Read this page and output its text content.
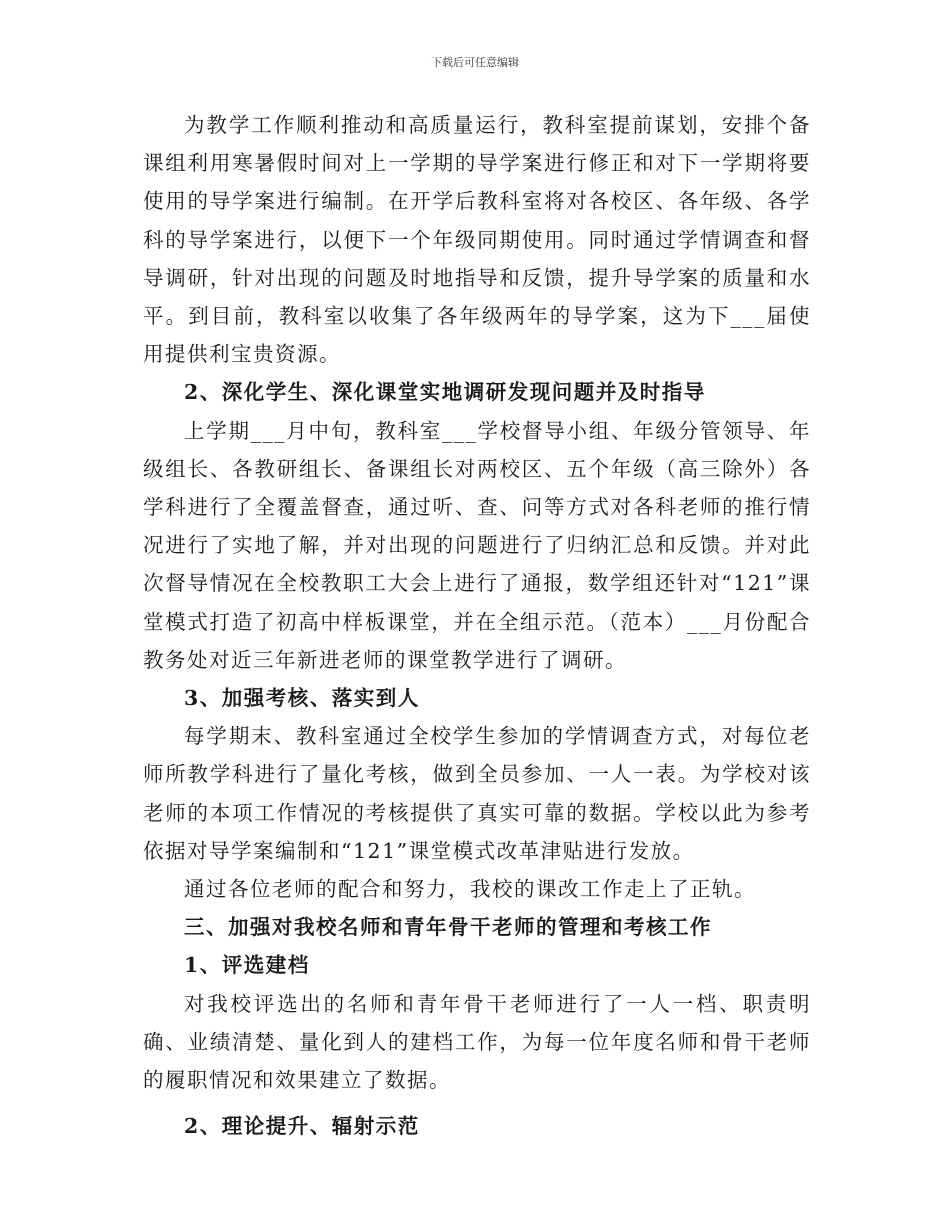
下载后可任意编辑

为教学工作顺利推动和高质量运行，教科室提前谋划，安排个备课组利用寒暑假时间对上一学期的导学案进行修正和对下一学期将要使用的导学案进行编制。在开学后教科室将对各校区、各年级、各学科的导学案进行，以便下一个年级同期使用。同时通过学情调查和督导调研，针对出现的问题及时地指导和反馈，提升导学案的质量和水平。到目前，教科室以收集了各年级两年的导学案，这为下___届使用提供利宝贵资源。

2、深化学生、深化课堂实地调研发现问题并及时指导

上学期___月中旬，教科室___学校督导小组、年级分管领导、年级组长、各教研组长、备课组长对两校区、五个年级（高三除外）各学科进行了全覆盖督查，通过听、查、问等方式对各科老师的推行情况进行了实地了解，并对出现的问题进行了归纳汇总和反馈。并对此次督导情况在全校教职工大会上进行了通报，数学组还针对“121”课堂模式打造了初高中样板课堂，并在全组示范。（范本）___月份配合教务处对近三年新进老师的课堂教学进行了调研。

3、加强考核、落实到人

每学期末、教科室通过全校学生参加的学情调查方式，对每位老师所教学科进行了量化考核，做到全员参加、一人一表。为学校对该老师的本项工作情况的考核提供了真实可靠的数据。学校以此为参考依据对导学案编制和“121”课堂模式改革津贴进行发放。

通过各位老师的配合和努力，我校的课改工作走上了正轨。

三、加强对我校名师和青年骨干老师的管理和考核工作

1、评选建档

对我校评选出的名师和青年骨干老师进行了一人一档、职责明确、业绩清楚、量化到人的建档工作，为每一位年度名师和骨干老师的履职情况和效果建立了数据。

2、理论提升、辐射示范
